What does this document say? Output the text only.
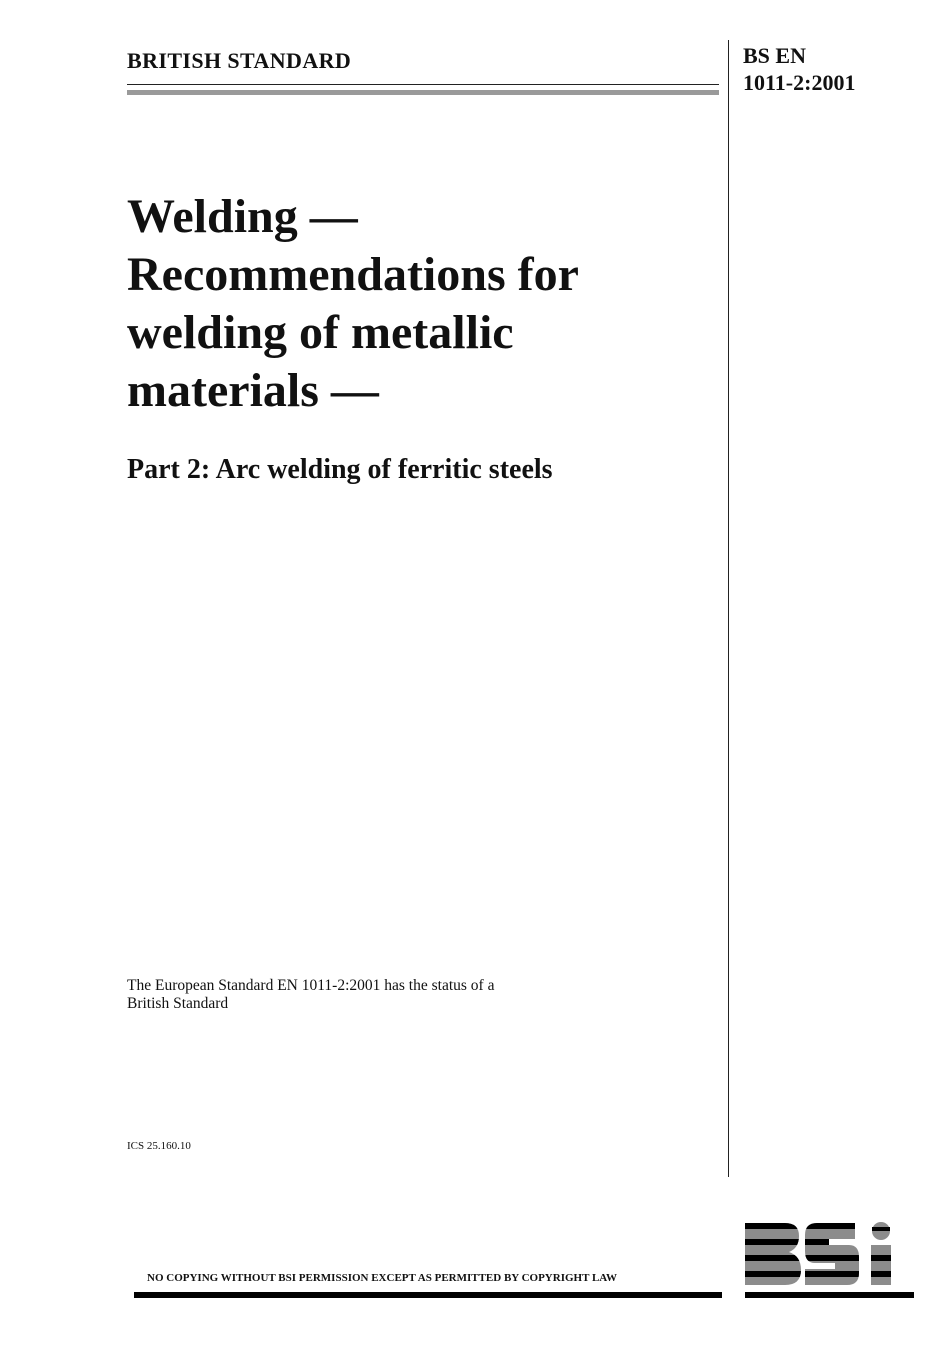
BRITISH STANDARD	BS EN
1011-2:2001
Welding —
Recommendations for
welding of metallic
materials —
Part 2: Arc welding of ferritic steels
The European Standard EN 1011-2:2001 has the status of a
British Standard
ICS 25.160.10
NO COPYING WITHOUT BSI PERMISSION EXCEPT AS PERMITTED BY COPYRIGHT LAW
BSI
